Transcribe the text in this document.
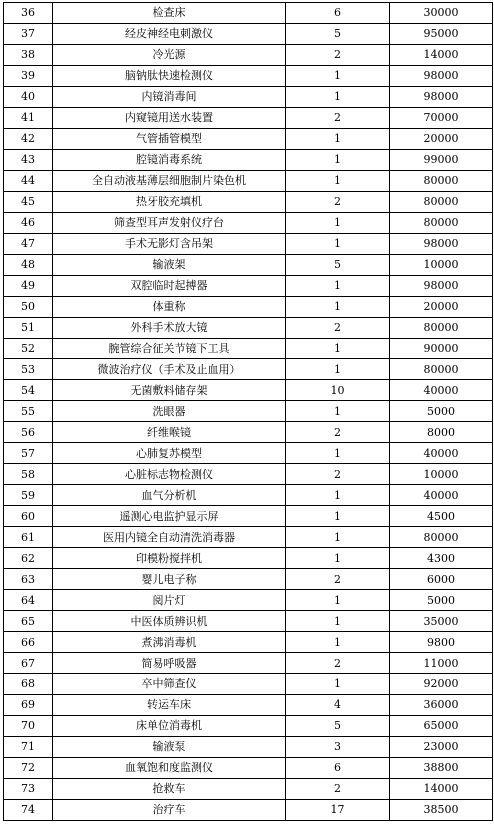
36	检查床	6	30000
37	经皮神经电刺激仪	5	95000
38	冷光源	2	14000
39	脑钠肽快速检测仪	1	98000
40	内镜消毒间	1	98000
41	内窥镜用送水装置	2	70000
42	气管插管模型	1	20000
43	腔镜消毒系统	1	99000
44	全自动液基薄层细胞制片染色机	1	80000
45	热牙胶充填机	2	80000
46	筛查型耳声发射仪疗台	1	80000
47	手术无影灯含吊架	1	98000
48	输液架	5	10000
49	双腔临时起搏器	1	98000
50	体重称	1	20000
51	外科手术放大镜	2	80000
52	腕管综合征关节镜下工具	1	90000
53	微波治疗仪（手术及止血用）	1	80000
54	无菌敷料储存架	10	40000
55	洗眼器	1	5000
56	纤维喉镜	2	8000
57	心肺复苏模型	1	40000
58	心脏标志物检测仪	2	10000
59	血气分析机	1	40000
60	遥测心电监护显示屏	1	4500
61	医用内镜全自动清洗消毒器	1	80000
62	印模粉搅拌机	1	4300
63	婴儿电子称	2	6000
64	阅片灯	1	5000
65	中医体质辨识机	1	35000
66	煮沸消毒机	1	9800
67	简易呼吸器	2	11000
68	卒中筛查仪	1	92000
69	转运车床	4	36000
70	床单位消毒机	5	65000
71	输液泵	3	23000
72	血氧饱和度监测仪	6	38800
73	抢救车	2	14000
74	治疗车	17	38500
